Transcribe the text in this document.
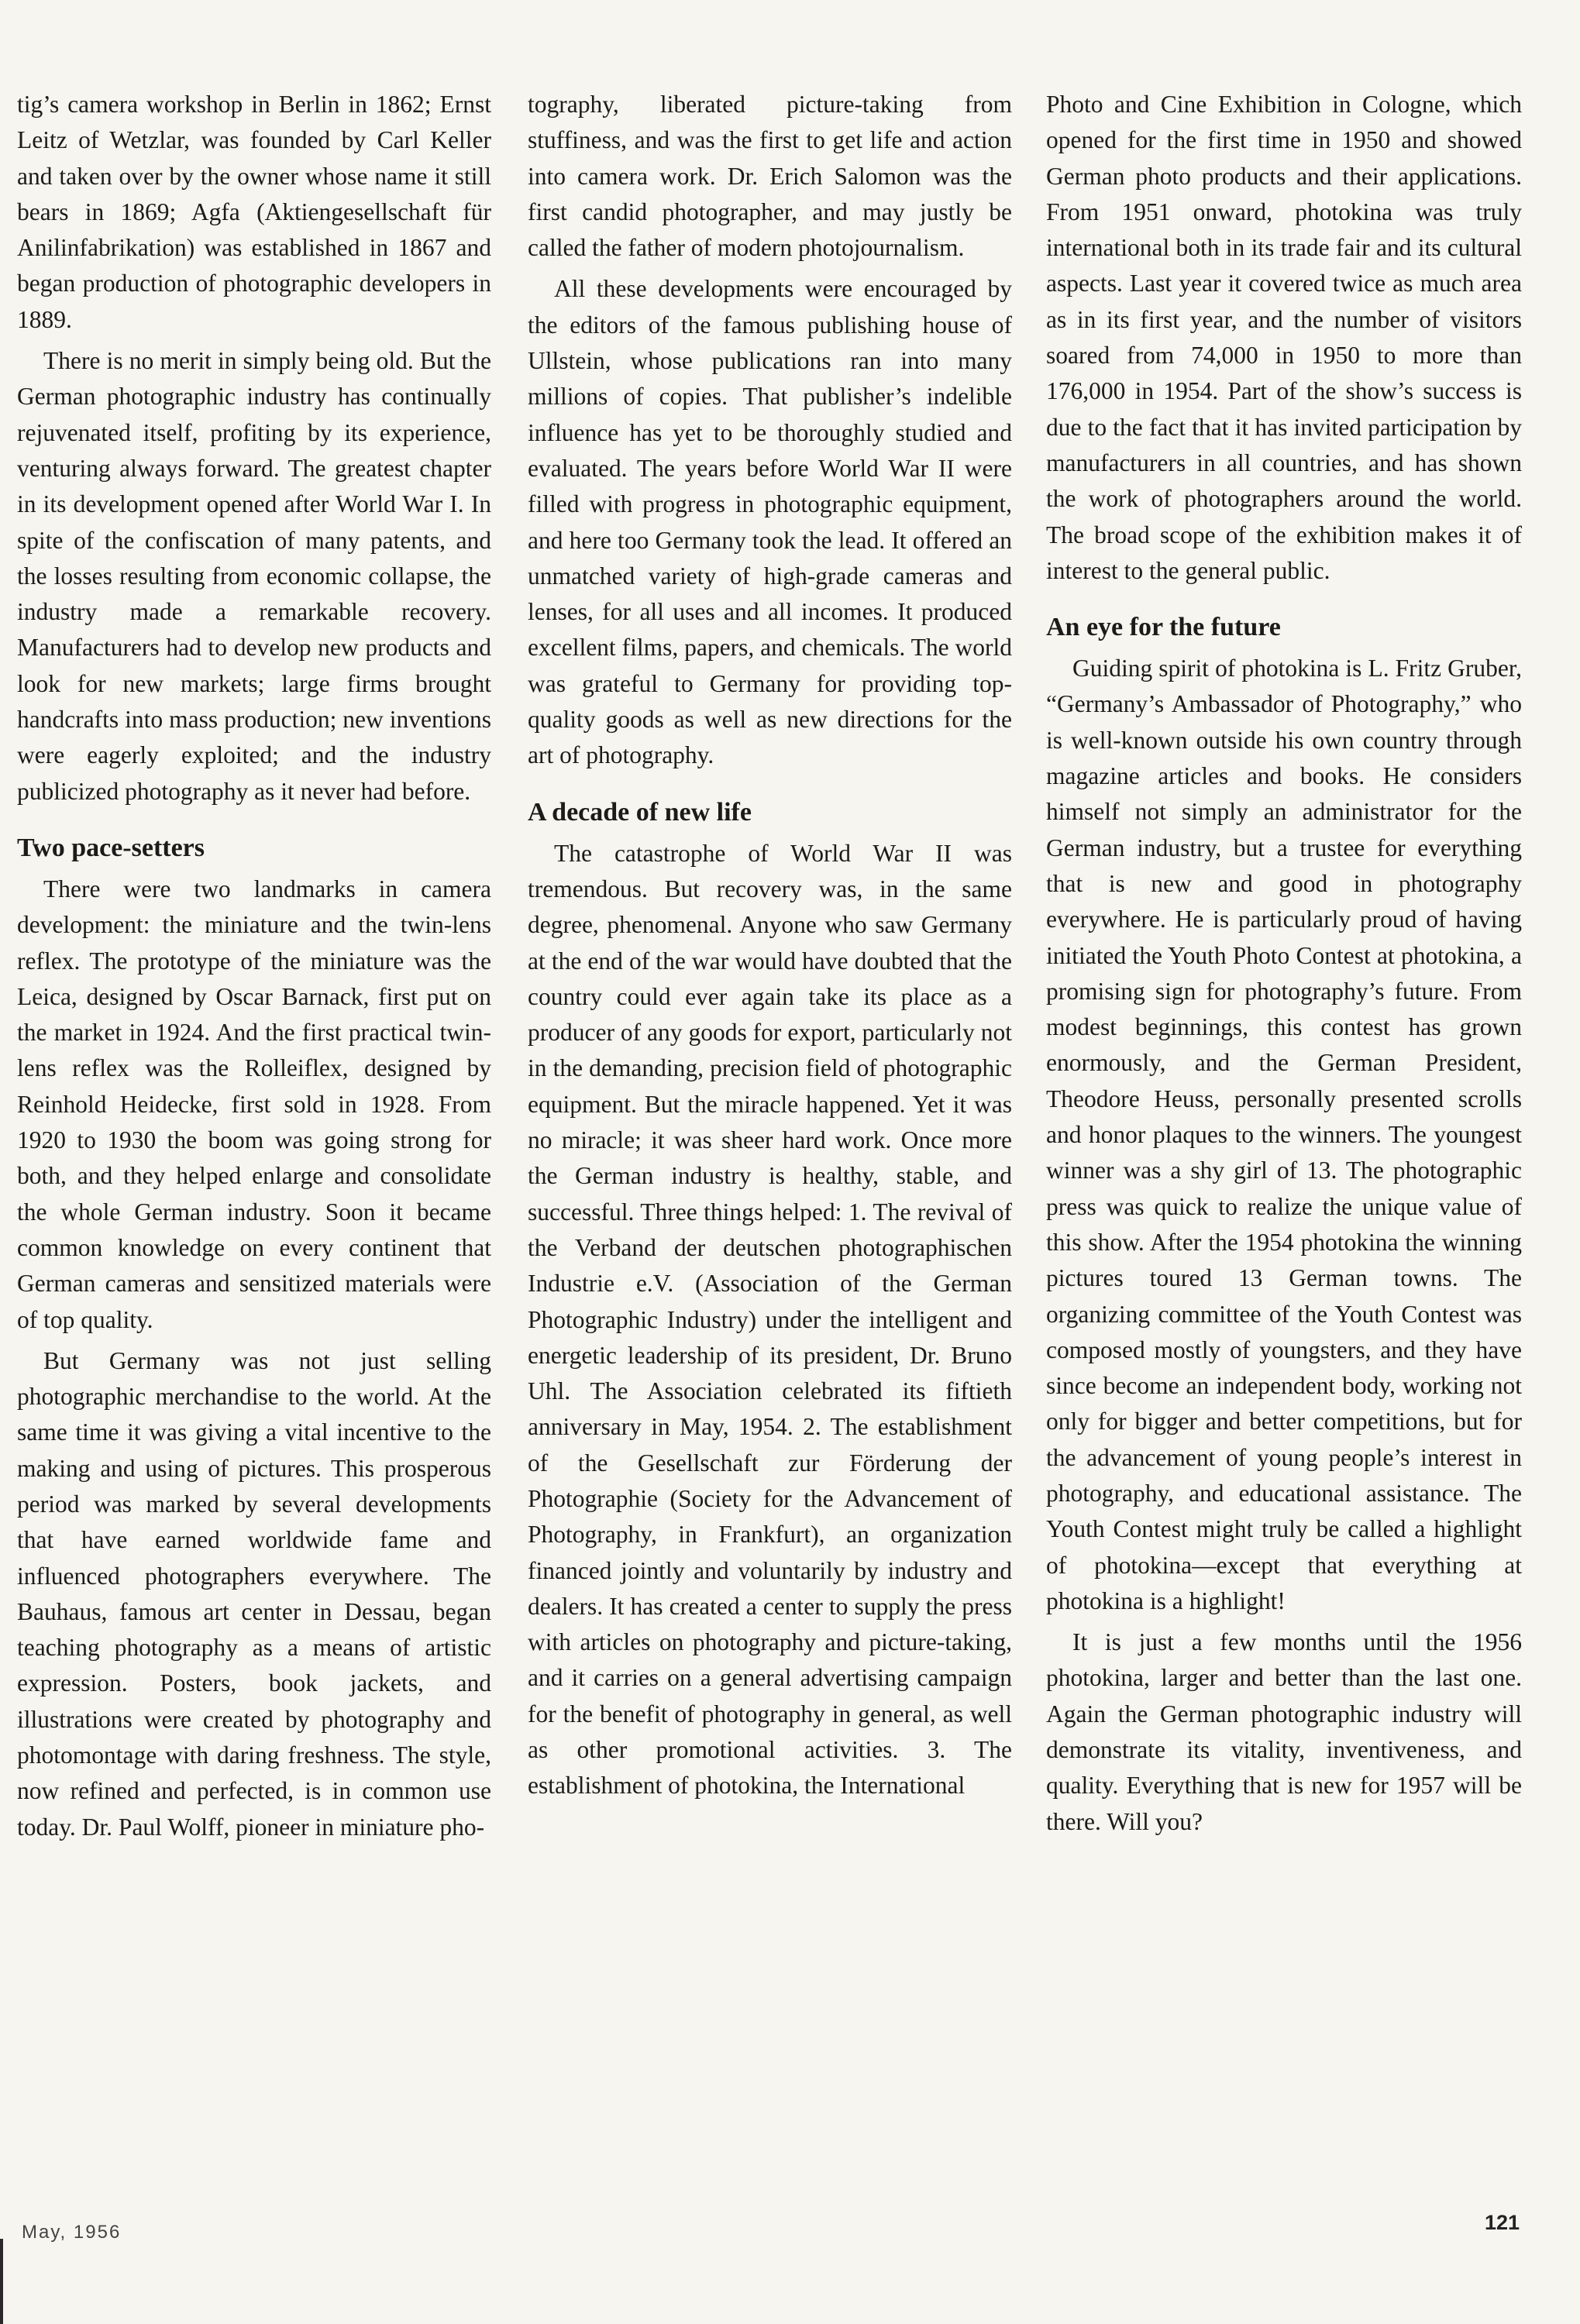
tig’s camera workshop in Berlin in 1862; Ernst Leitz of Wetzlar, was founded by Carl Keller and taken over by the owner whose name it still bears in 1869; Agfa (Aktiengesellschaft für Anilinfabrikation) was established in 1867 and began production of photographic developers in 1889.

There is no merit in simply being old. But the German photographic industry has continually rejuvenated itself, profiting by its experience, venturing always forward. The greatest chapter in its development opened after World War I. In spite of the confiscation of many patents, and the losses resulting from economic collapse, the industry made a remarkable recovery. Manufacturers had to develop new products and look for new markets; large firms brought handcrafts into mass production; new inventions were eagerly exploited; and the industry publicized photography as it never had before.

Two pace-setters

There were two landmarks in camera development: the miniature and the twin-lens reflex. The prototype of the miniature was the Leica, designed by Oscar Barnack, first put on the market in 1924. And the first practical twin-lens reflex was the Rolleiflex, designed by Reinhold Heidecke, first sold in 1928. From 1920 to 1930 the boom was going strong for both, and they helped enlarge and consolidate the whole German industry. Soon it became common knowledge on every continent that German cameras and sensitized materials were of top quality.

But Germany was not just selling photographic merchandise to the world. At the same time it was giving a vital incentive to the making and using of pictures. This prosperous period was marked by several developments that have earned worldwide fame and influenced photographers everywhere. The Bauhaus, famous art center in Dessau, began teaching photography as a means of artistic expression. Posters, book jackets, and illustrations were created by photography and photomontage with daring freshness. The style, now refined and perfected, is in common use today. Dr. Paul Wolff, pioneer in miniature pho-

tography, liberated picture-taking from stuffiness, and was the first to get life and action into camera work. Dr. Erich Salomon was the first candid photographer, and may justly be called the father of modern photojournalism.

All these developments were encouraged by the editors of the famous publishing house of Ullstein, whose publications ran into many millions of copies. That publisher’s indelible influence has yet to be thoroughly studied and evaluated. The years before World War II were filled with progress in photographic equipment, and here too Germany took the lead. It offered an unmatched variety of high-grade cameras and lenses, for all uses and all incomes. It produced excellent films, papers, and chemicals. The world was grateful to Germany for providing top-quality goods as well as new directions for the art of photography.

A decade of new life

The catastrophe of World War II was tremendous. But recovery was, in the same degree, phenomenal. Anyone who saw Germany at the end of the war would have doubted that the country could ever again take its place as a producer of any goods for export, particularly not in the demanding, precision field of photographic equipment. But the miracle happened. Yet it was no miracle; it was sheer hard work. Once more the German industry is healthy, stable, and successful. Three things helped: 1. The revival of the Verband der deutschen photographischen Industrie e.V. (Association of the German Photographic Industry) under the intelligent and energetic leadership of its president, Dr. Bruno Uhl. The Association celebrated its fiftieth anniversary in May, 1954. 2. The establishment of the Gesellschaft zur Förderung der Photographie (Society for the Advancement of Photography, in Frankfurt), an organization financed jointly and voluntarily by industry and dealers. It has created a center to supply the press with articles on photography and picture-taking, and it carries on a general advertising campaign for the benefit of photography in general, as well as other promotional activities. 3. The establishment of photokina, the International

Photo and Cine Exhibition in Cologne, which opened for the first time in 1950 and showed German photo products and their applications. From 1951 onward, photokina was truly international both in its trade fair and its cultural aspects. Last year it covered twice as much area as in its first year, and the number of visitors soared from 74,000 in 1950 to more than 176,000 in 1954. Part of the show’s success is due to the fact that it has invited participation by manufacturers in all countries, and has shown the work of photographers around the world. The broad scope of the exhibition makes it of interest to the general public.

An eye for the future

Guiding spirit of photokina is L. Fritz Gruber, “Germany’s Ambassador of Photography,” who is well-known outside his own country through magazine articles and books. He considers himself not simply an administrator for the German industry, but a trustee for everything that is new and good in photography everywhere. He is particularly proud of having initiated the Youth Photo Contest at photokina, a promising sign for photography’s future. From modest beginnings, this contest has grown enormously, and the German President, Theodore Heuss, personally presented scrolls and honor plaques to the winners. The youngest winner was a shy girl of 13. The photographic press was quick to realize the unique value of this show. After the 1954 photokina the winning pictures toured 13 German towns. The organizing committee of the Youth Contest was composed mostly of youngsters, and they have since become an independent body, working not only for bigger and better competitions, but for the advancement of young people’s interest in photography, and educational assistance. The Youth Contest might truly be called a highlight of photokina—except that everything at photokina is a highlight!

It is just a few months until the 1956 photokina, larger and better than the last one. Again the German photographic industry will demonstrate its vitality, inventiveness, and quality. Everything that is new for 1957 will be there. Will you?

May, 1956	121
